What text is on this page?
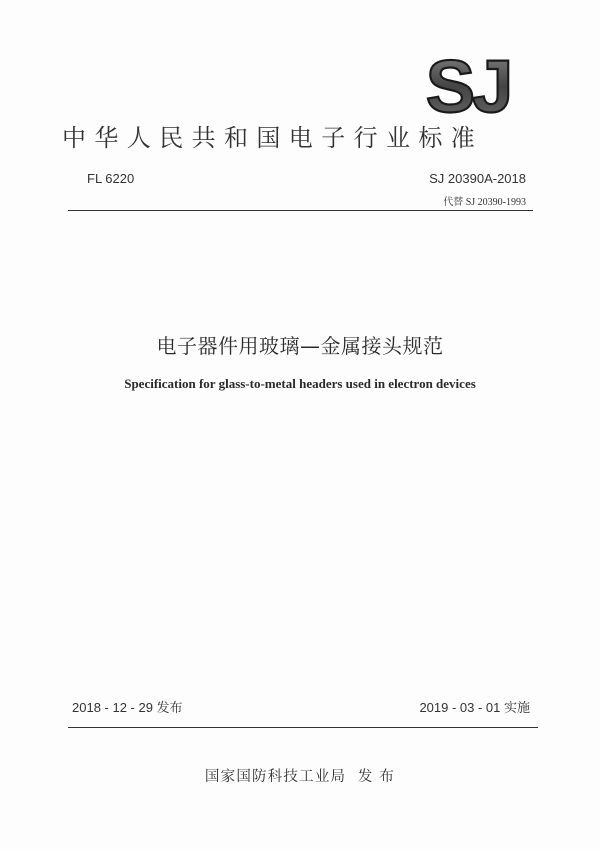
SJ
中华人民共和国电子行业标准
FL 6220	SJ 20390A-2018
代替 SJ 20390-1993
电子器件用玻璃—金属接头规范
Specification for glass-to-metal headers used in electron devices
2018 - 12 - 29 发布	2019 - 03 - 01 实施
国家国防科技工业局  发 布
